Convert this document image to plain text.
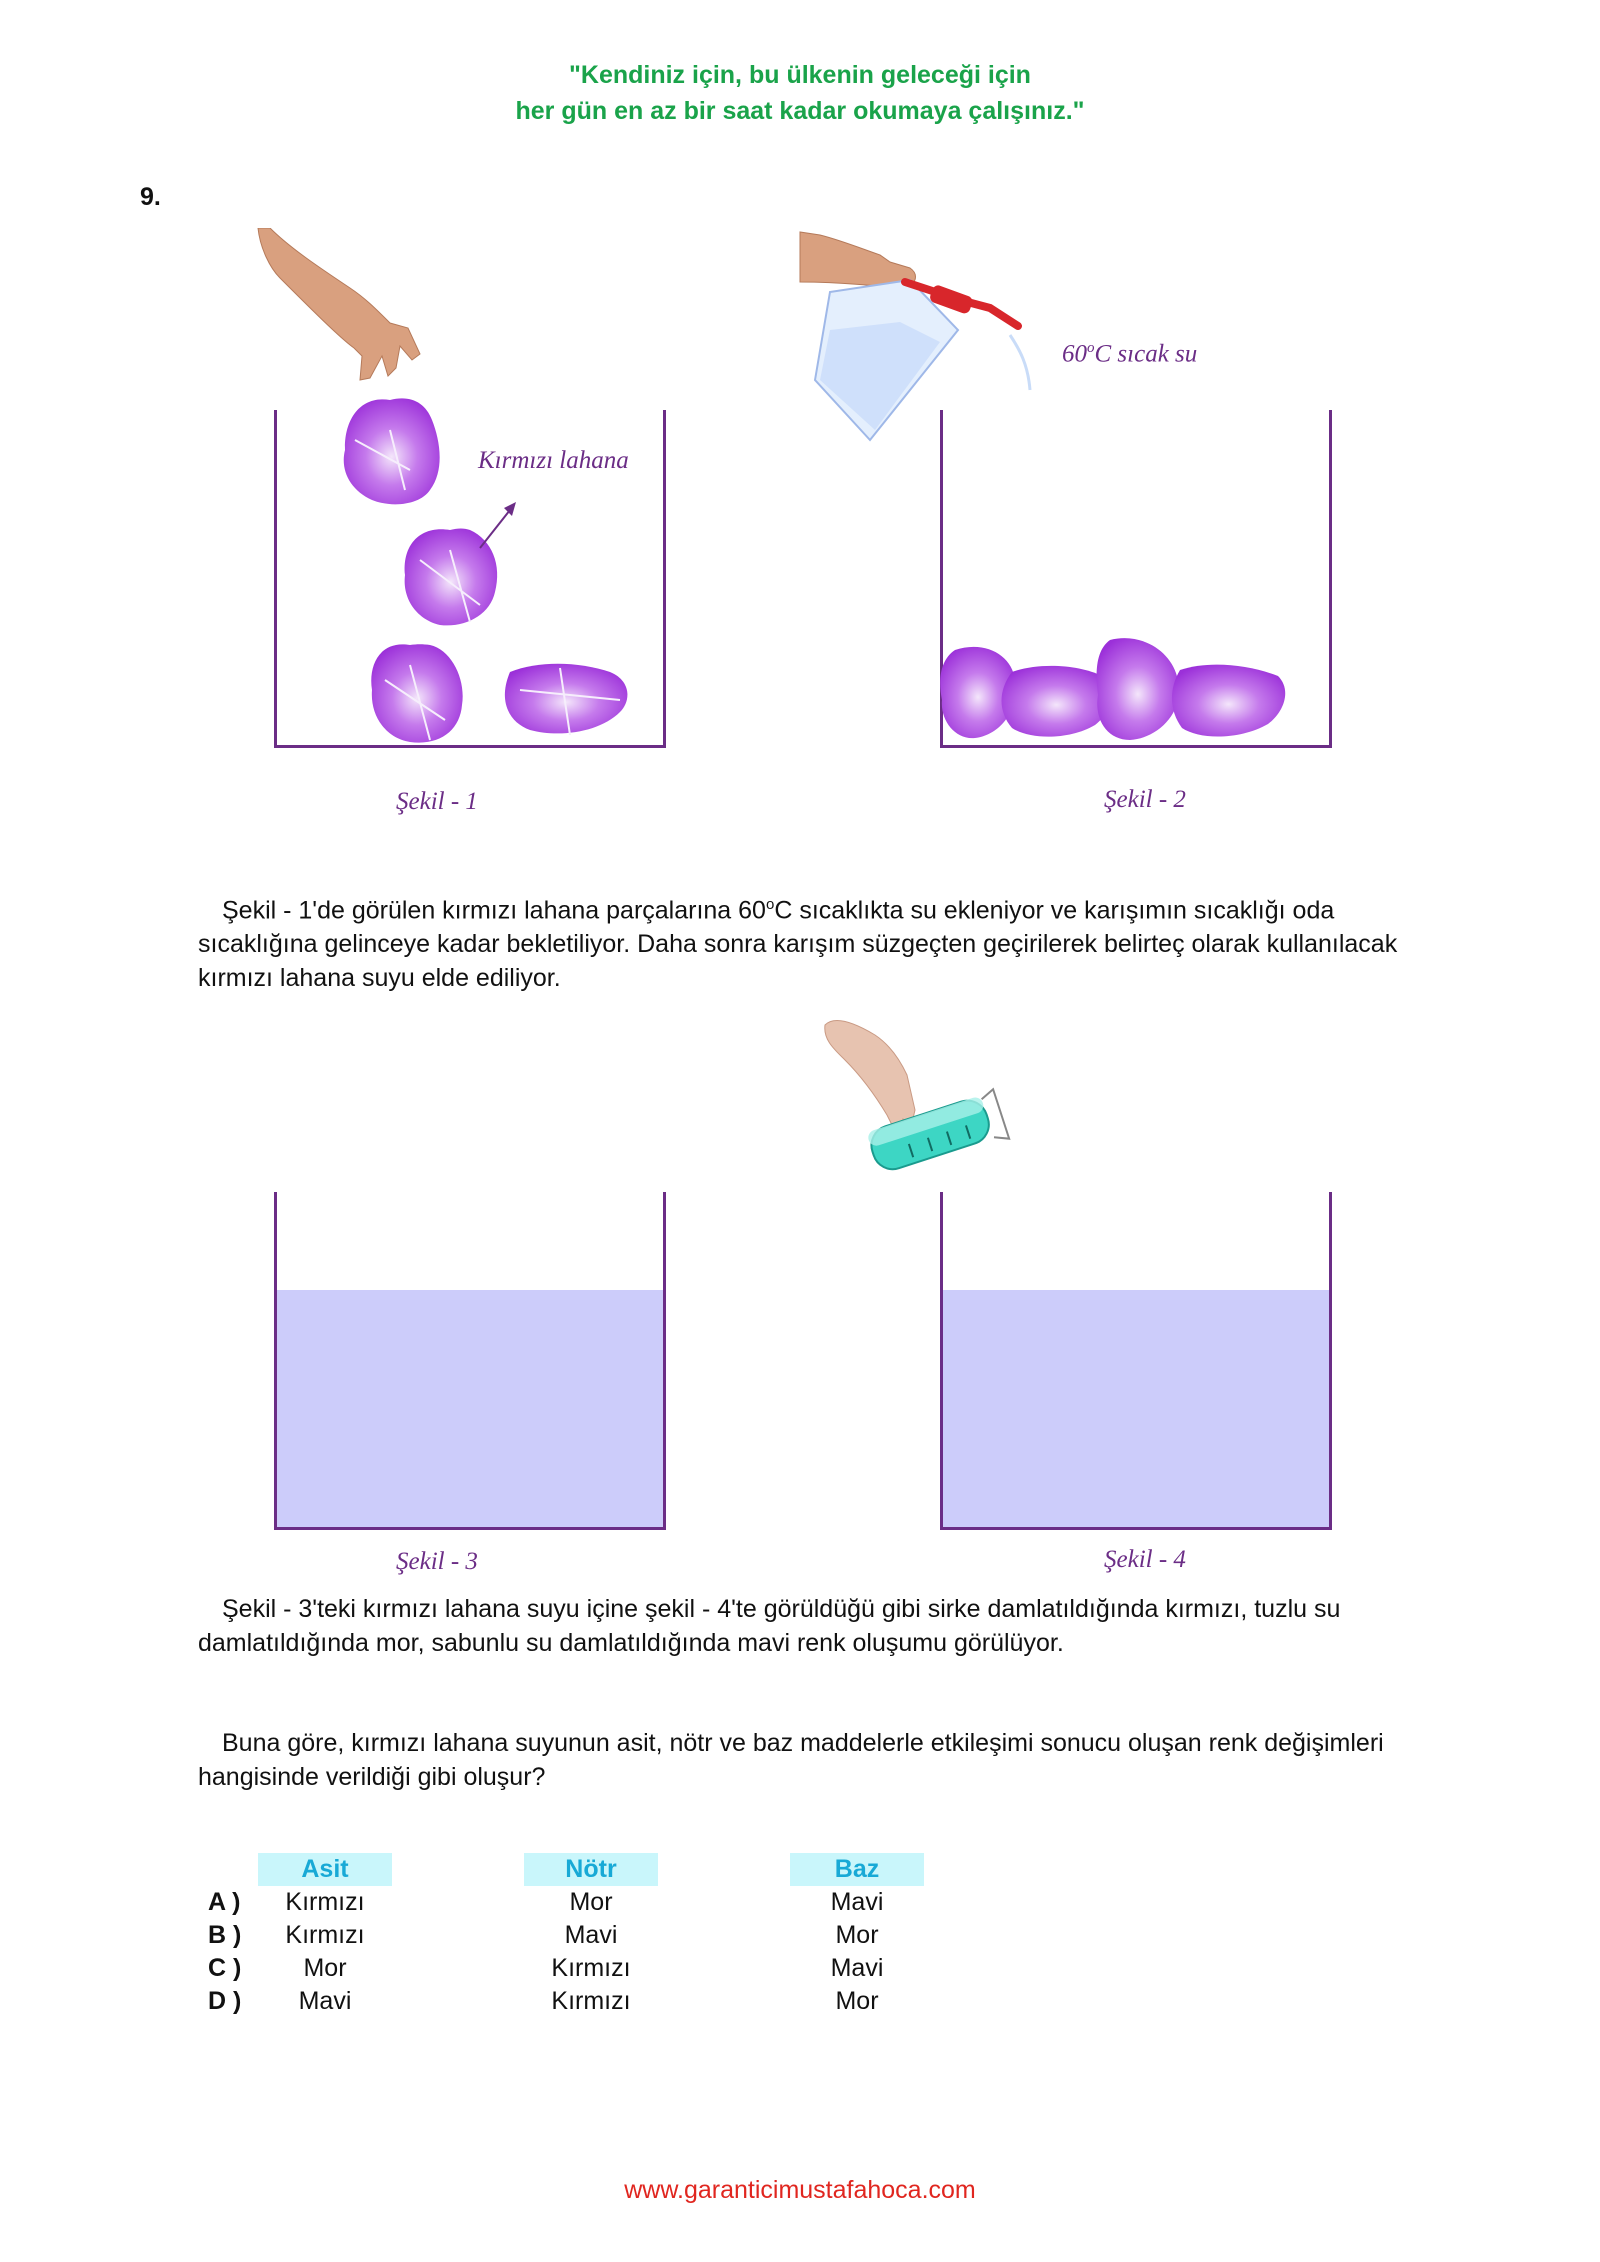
"Kendiniz için, bu ülkenin geleceği için
her gün en az bir saat kadar okumaya çalışınız."
9.
Kırmızı lahana
Şekil - 1
60$^o$C sıcak su
Şekil - 2
Şekil - 1'de görülen kırmızı lahana parçalarına 60$^o$C sıcaklıkta su ekleniyor ve karışımın sıcaklığı oda sıcaklığına gelinceye kadar bekletiliyor. Daha sonra karışım süzgeçten geçirilerek belirteç olarak kullanılacak kırmızı lahana suyu elde ediliyor.
Şekil - 3	Şekil - 4
Şekil - 3'teki kırmızı lahana suyu içine şekil - 4'te görüldüğü gibi sirke damlatıldığında kırmızı, tuzlu su damlatıldığında mor, sabunlu su damlatıldığında mavi renk oluşumu görülüyor.
Buna göre, kırmızı lahana suyunun asit, nötr ve baz maddelerle etkileşimi sonucu oluşan renk değişimleri hangisinde verildiği gibi oluşur?
	Asit		Nötr		Baz
A )	Kırmızı		Mor		Mavi
B )	Kırmızı		Mavi		Mor
C )	Mor		Kırmızı		Mavi
D )	Mavi		Kırmızı		Mor
www.garanticimustafahoca.com
